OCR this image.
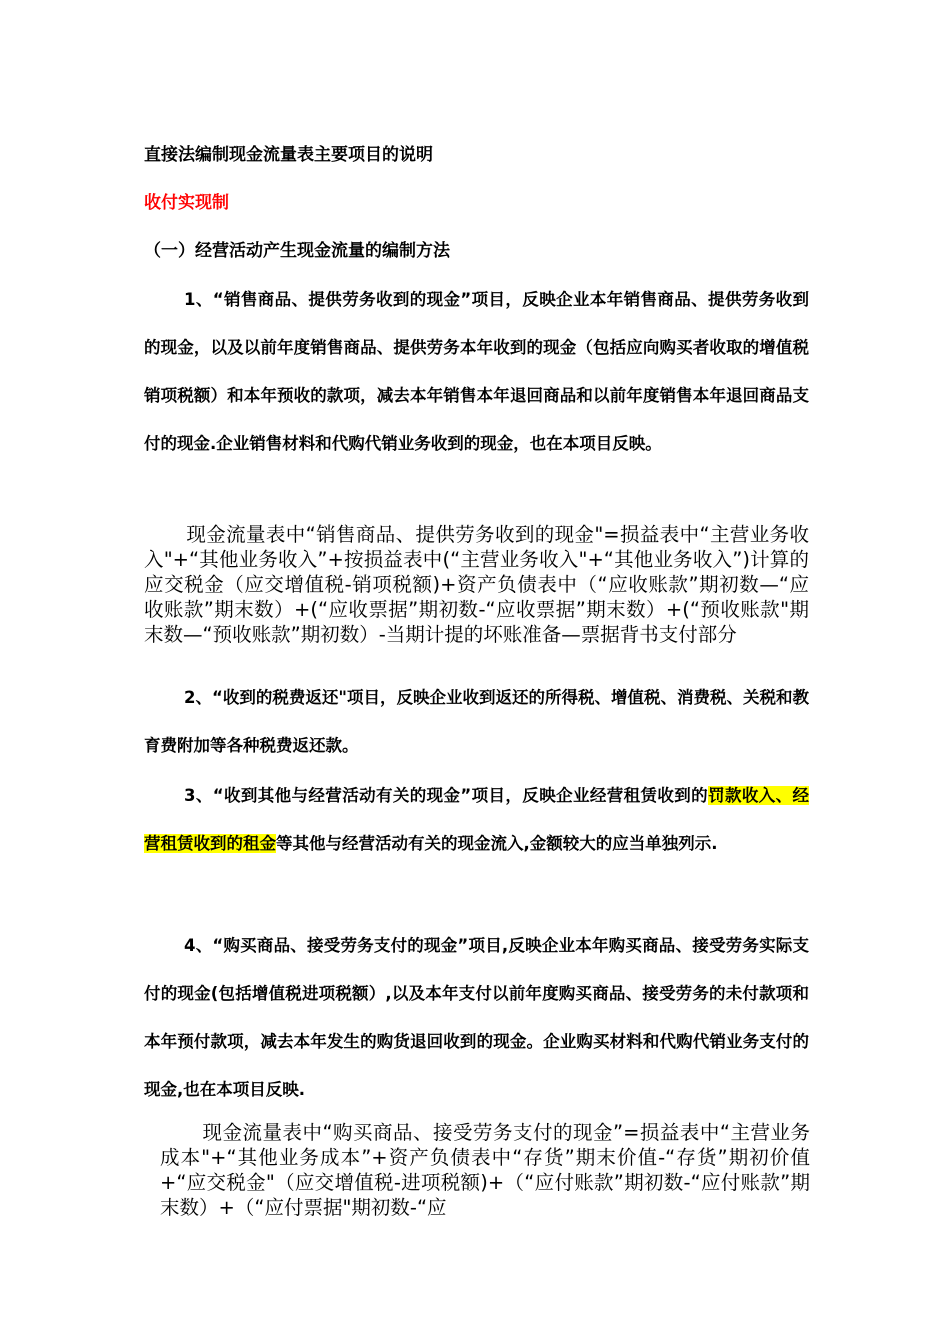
直接法编制现金流量表主要项目的说明
收付实现制
（一）经营活动产生现金流量的编制方法
1、“销售商品、提供劳务收到的现金”项目，反映企业本年销售商品、提供劳务收到的现金，以及以前年度销售商品、提供劳务本年收到的现金（包括应向购买者收取的增值税销项税额）和本年预收的款项，减去本年销售本年退回商品和以前年度销售本年退回商品支付的现金.企业销售材料和代购代销业务收到的现金，也在本项目反映。
现金流量表中“销售商品、提供劳务收到的现金"=损益表中“主营业务收入"+“其他业务收入”+按损益表中(“主营业务收入"+“其他业务收入”)计算的应交税金（应交增值税-销项税额)+资产负债表中（“应收账款”期初数—“应收账款”期末数）+(“应收票据”期初数-“应收票据”期末数）+(“预收账款"期末数—“预收账款”期初数）-当期计提的坏账准备—票据背书支付部分
2、“收到的税费返还"项目，反映企业收到返还的所得税、增值税、消费税、关税和教育费附加等各种税费返还款。
3、“收到其他与经营活动有关的现金”项目，反映企业经营租赁收到的罚款收入、经营租赁收到的租金等其他与经营活动有关的现金流入,金额较大的应当单独列示.
4、“购买商品、接受劳务支付的现金”项目,反映企业本年购买商品、接受劳务实际支付的现金(包括增值税进项税额）,以及本年支付以前年度购买商品、接受劳务的未付款项和本年预付款项，减去本年发生的购货退回收到的现金。企业购买材料和代购代销业务支付的现金,也在本项目反映.
现金流量表中“购买商品、接受劳务支付的现金”=损益表中“主营业务成本"+“其他业务成本”+资产负债表中“存货”期末价值-“存货”期初价值+“应交税金"（应交增值税-进项税额)+（“应付账款”期初数-“应付账款”期末数）+（“应付票据"期初数-“应
